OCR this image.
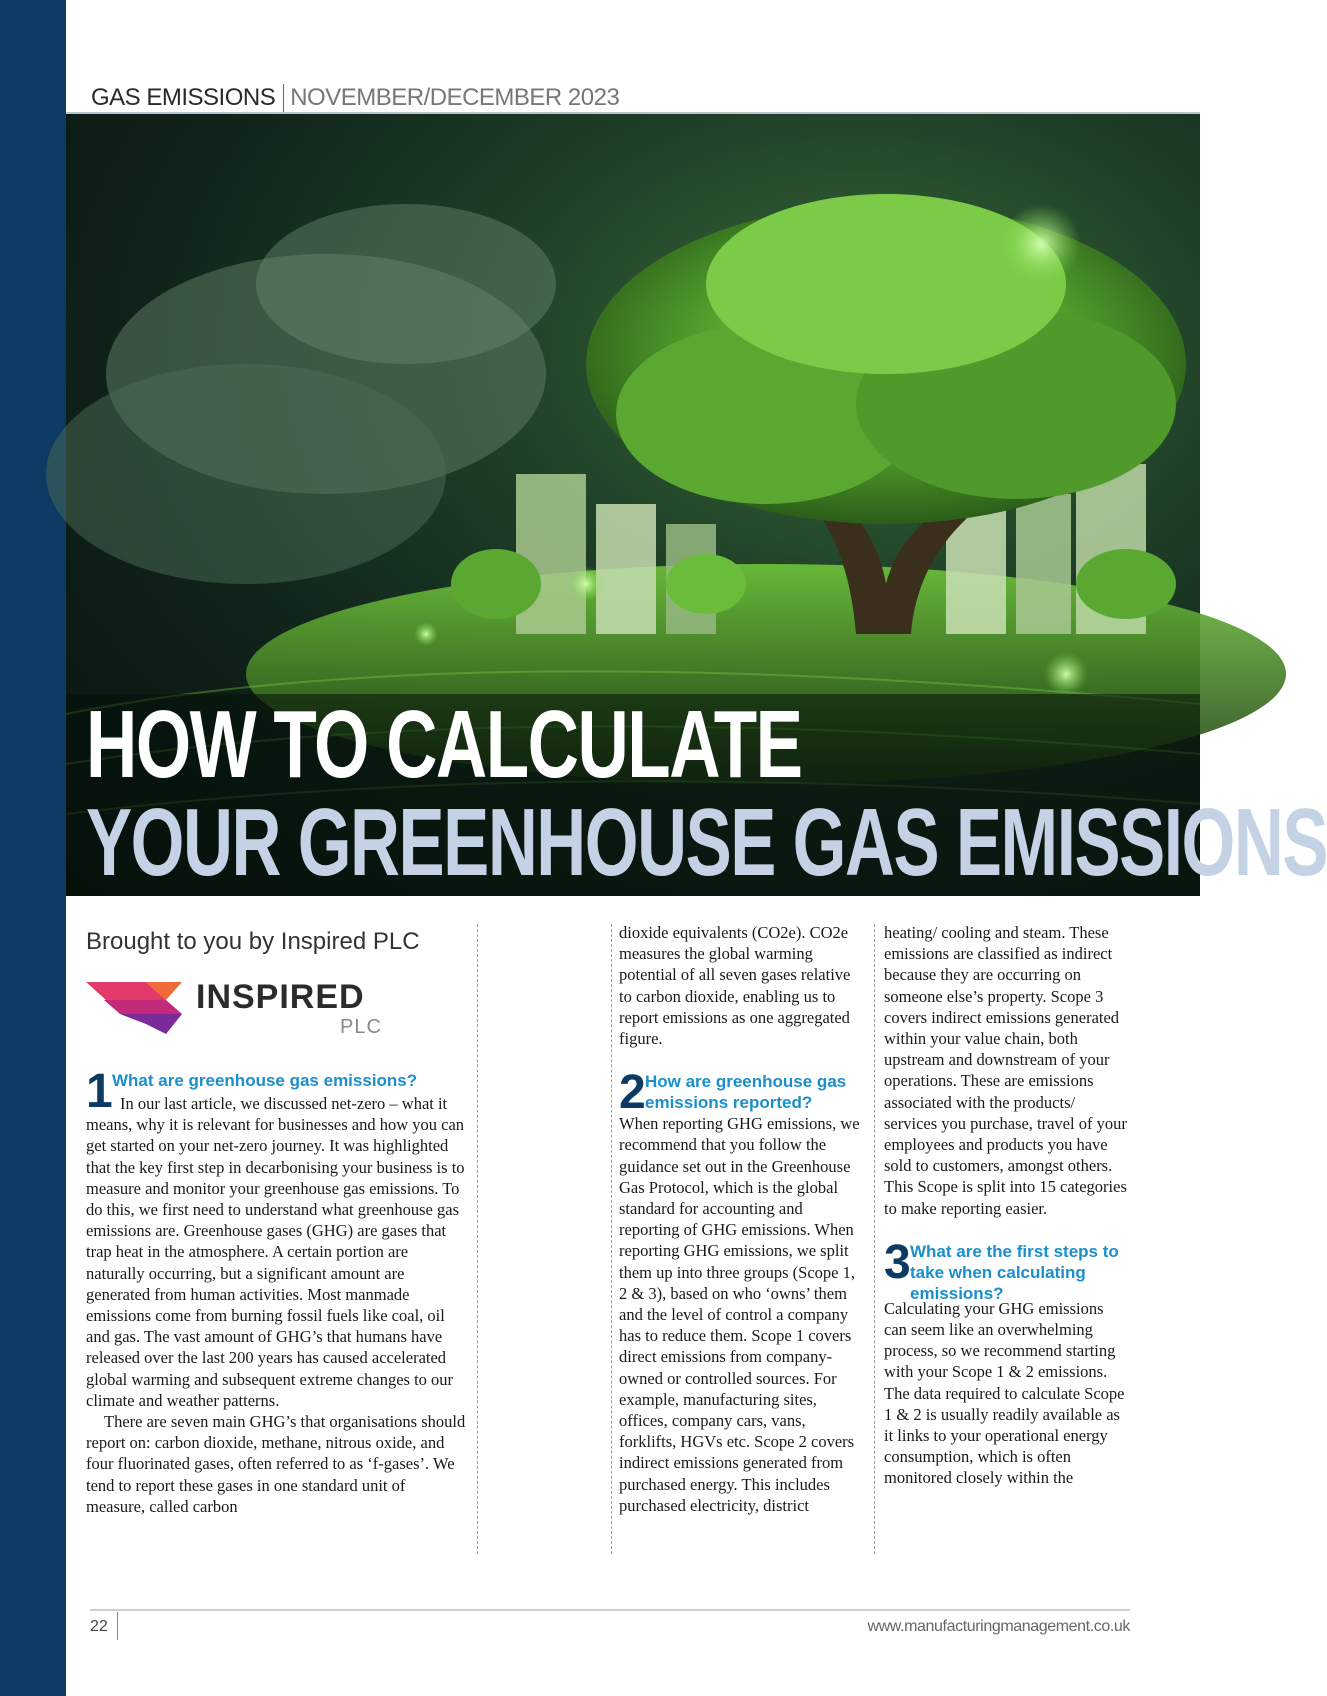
GAS EMISSIONS NOVEMBER/DECEMBER 2023
HOW TO CALCULATE
YOUR GREENHOUSE GAS EMISSIONS
Brought to you by Inspired PLC
INSPIRED
PLC
1 What are greenhouse gas emissions?

In our last article, we discussed net-zero – what it means, why it is relevant for businesses and how you can get started on your net-zero journey. It was highlighted that the key first step in decarbonising your business is to measure and monitor your greenhouse gas emissions. To do this, we first need to understand what greenhouse gas emissions are. Greenhouse gases (GHG) are gases that trap heat in the atmosphere. A certain portion are naturally occurring, but a significant amount are generated from human activities. Most manmade emissions come from burning fossil fuels like coal, oil and gas. The vast amount of GHG’s that humans have released over the last 200 years has caused accelerated global warming and subsequent extreme changes to our climate and weather patterns.

There are seven main GHG’s that organisations should report on: carbon dioxide, methane, nitrous oxide, and four fluorinated gases, often referred to as ‘f-gases’. We tend to report these gases in one standard unit of measure, called carbon

dioxide equivalents (CO2e). CO2e measures the global warming potential of all seven gases relative to carbon dioxide, enabling us to report emissions as one aggregated figure.

2 How are greenhouse gas emissions reported?

When reporting GHG emissions, we recommend that you follow the guidance set out in the Greenhouse Gas Protocol, which is the global standard for accounting and reporting of GHG emissions. When reporting GHG emissions, we split them up into three groups (Scope 1, 2 & 3), based on who ‘owns’ them and the level of control a company has to reduce them. Scope 1 covers direct emissions from company-owned or controlled sources. For example, manufacturing sites, offices, company cars, vans, forklifts, HGVs etc. Scope 2 covers indirect emissions generated from purchased energy. This includes purchased electricity, district

heating/ cooling and steam. These emissions are classified as indirect because they are occurring on someone else’s property. Scope 3 covers indirect emissions generated within your value chain, both upstream and downstream of your operations. These are emissions associated with the products/ services you purchase, travel of your employees and products you have sold to customers, amongst others. This Scope is split into 15 categories to make reporting easier.

3 What are the first steps to take when calculating emissions?

Calculating your GHG emissions can seem like an overwhelming process, so we recommend starting with your Scope 1 & 2 emissions. The data required to calculate Scope 1 & 2 is usually readily available as it links to your operational energy consumption, which is often monitored closely within the

22	www.manufacturingmanagement.co.uk
